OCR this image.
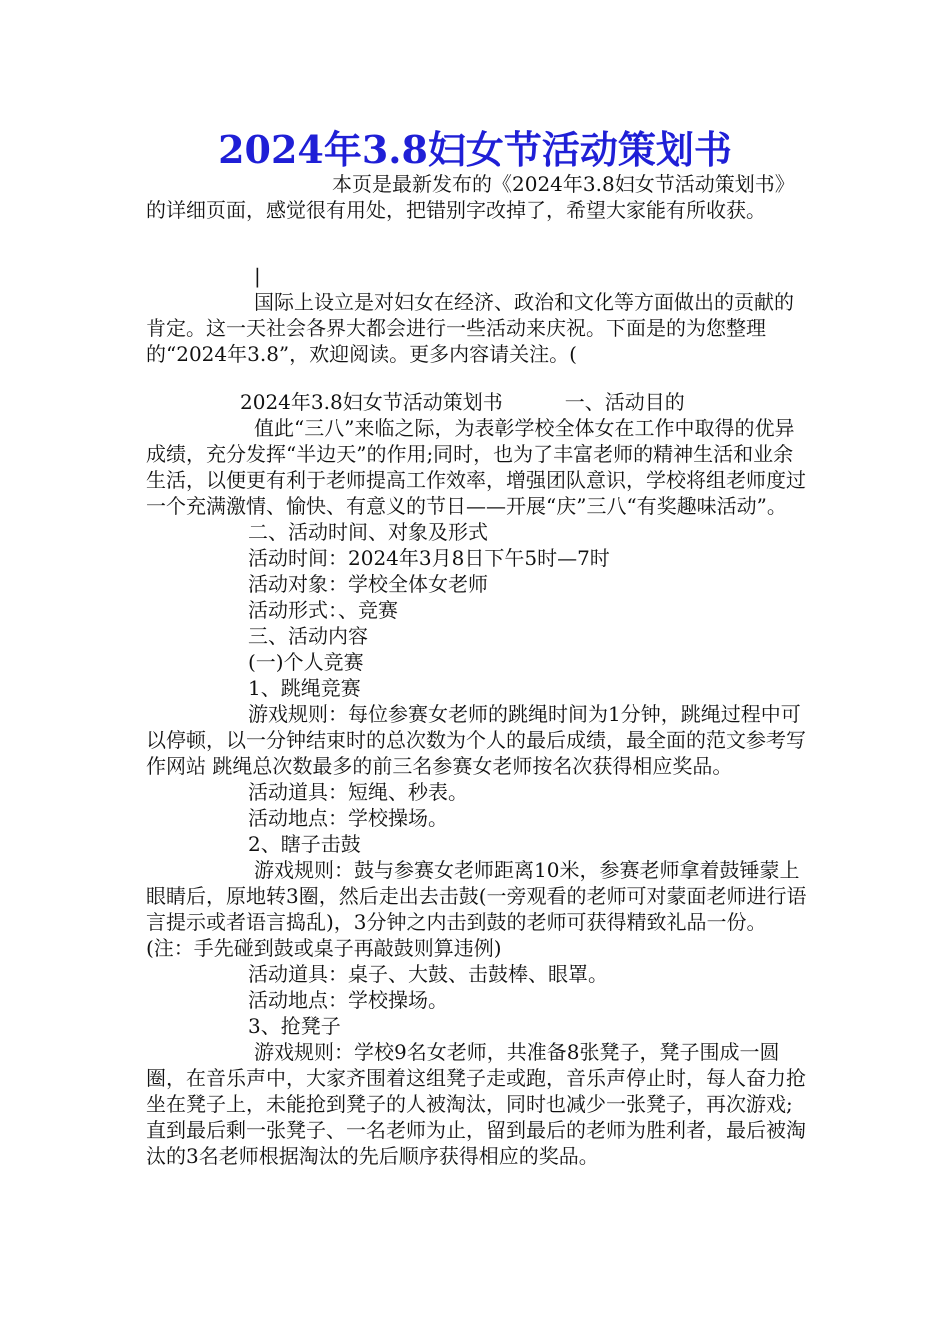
2024年3.8妇女节活动策划书

本页是最新发布的《2024年3.8妇女节活动策划书》的详细页面，感觉很有用处，把错别字改掉了，希望大家能有所收获。

|

国际上设立是对妇女在经济、政治和文化等方面做出的贡献的肯定。这一天社会各界大都会进行一些活动来庆祝。下面是的为您整理的“2024年3.8”，欢迎阅读。更多内容请关注。(

2024年3.8妇女节活动策划书	一、活动目的

值此“三八”来临之际，为表彰学校全体女在工作中取得的优异成绩，充分发挥“半边天”的作用;同时，也为了丰富老师的精神生活和业余生活，以便更有利于老师提高工作效率，增强团队意识，学校将组老师度过一个充满激情、愉快、有意义的节日——开展“庆”三八“有奖趣味活动”。

二、活动时间、对象及形式

活动时间：2024年3月8日下午5时—7时

活动对象：学校全体女老师

活动形式：、竞赛

三、活动内容

(一)个人竞赛

1、跳绳竞赛

游戏规则：每位参赛女老师的跳绳时间为1分钟，跳绳过程中可以停顿，以一分钟结束时的总次数为个人的最后成绩，最全面的范文参考写作网站 跳绳总次数最多的前三名参赛女老师按名次获得相应奖品。

活动道具：短绳、秒表。

活动地点：学校操场。

2、瞎子击鼓

游戏规则：鼓与参赛女老师距离10米，参赛老师拿着鼓锤蒙上眼睛后，原地转3圈，然后走出去击鼓(一旁观看的老师可对蒙面老师进行语言提示或者语言捣乱)，3分钟之内击到鼓的老师可获得精致礼品一份。(注：手先碰到鼓或桌子再敲鼓则算违例)

活动道具：桌子、大鼓、击鼓棒、眼罩。

活动地点：学校操场。

3、抢凳子

游戏规则：学校9名女老师，共准备8张凳子，凳子围成一圆圈，在音乐声中，大家齐围着这组凳子走或跑，音乐声停止时，每人奋力抢坐在凳子上，未能抢到凳子的人被淘汰，同时也减少一张凳子，再次游戏;直到最后剩一张凳子、一名老师为止，留到最后的老师为胜利者，最后被淘汰的3名老师根据淘汰的先后顺序获得相应的奖品。
